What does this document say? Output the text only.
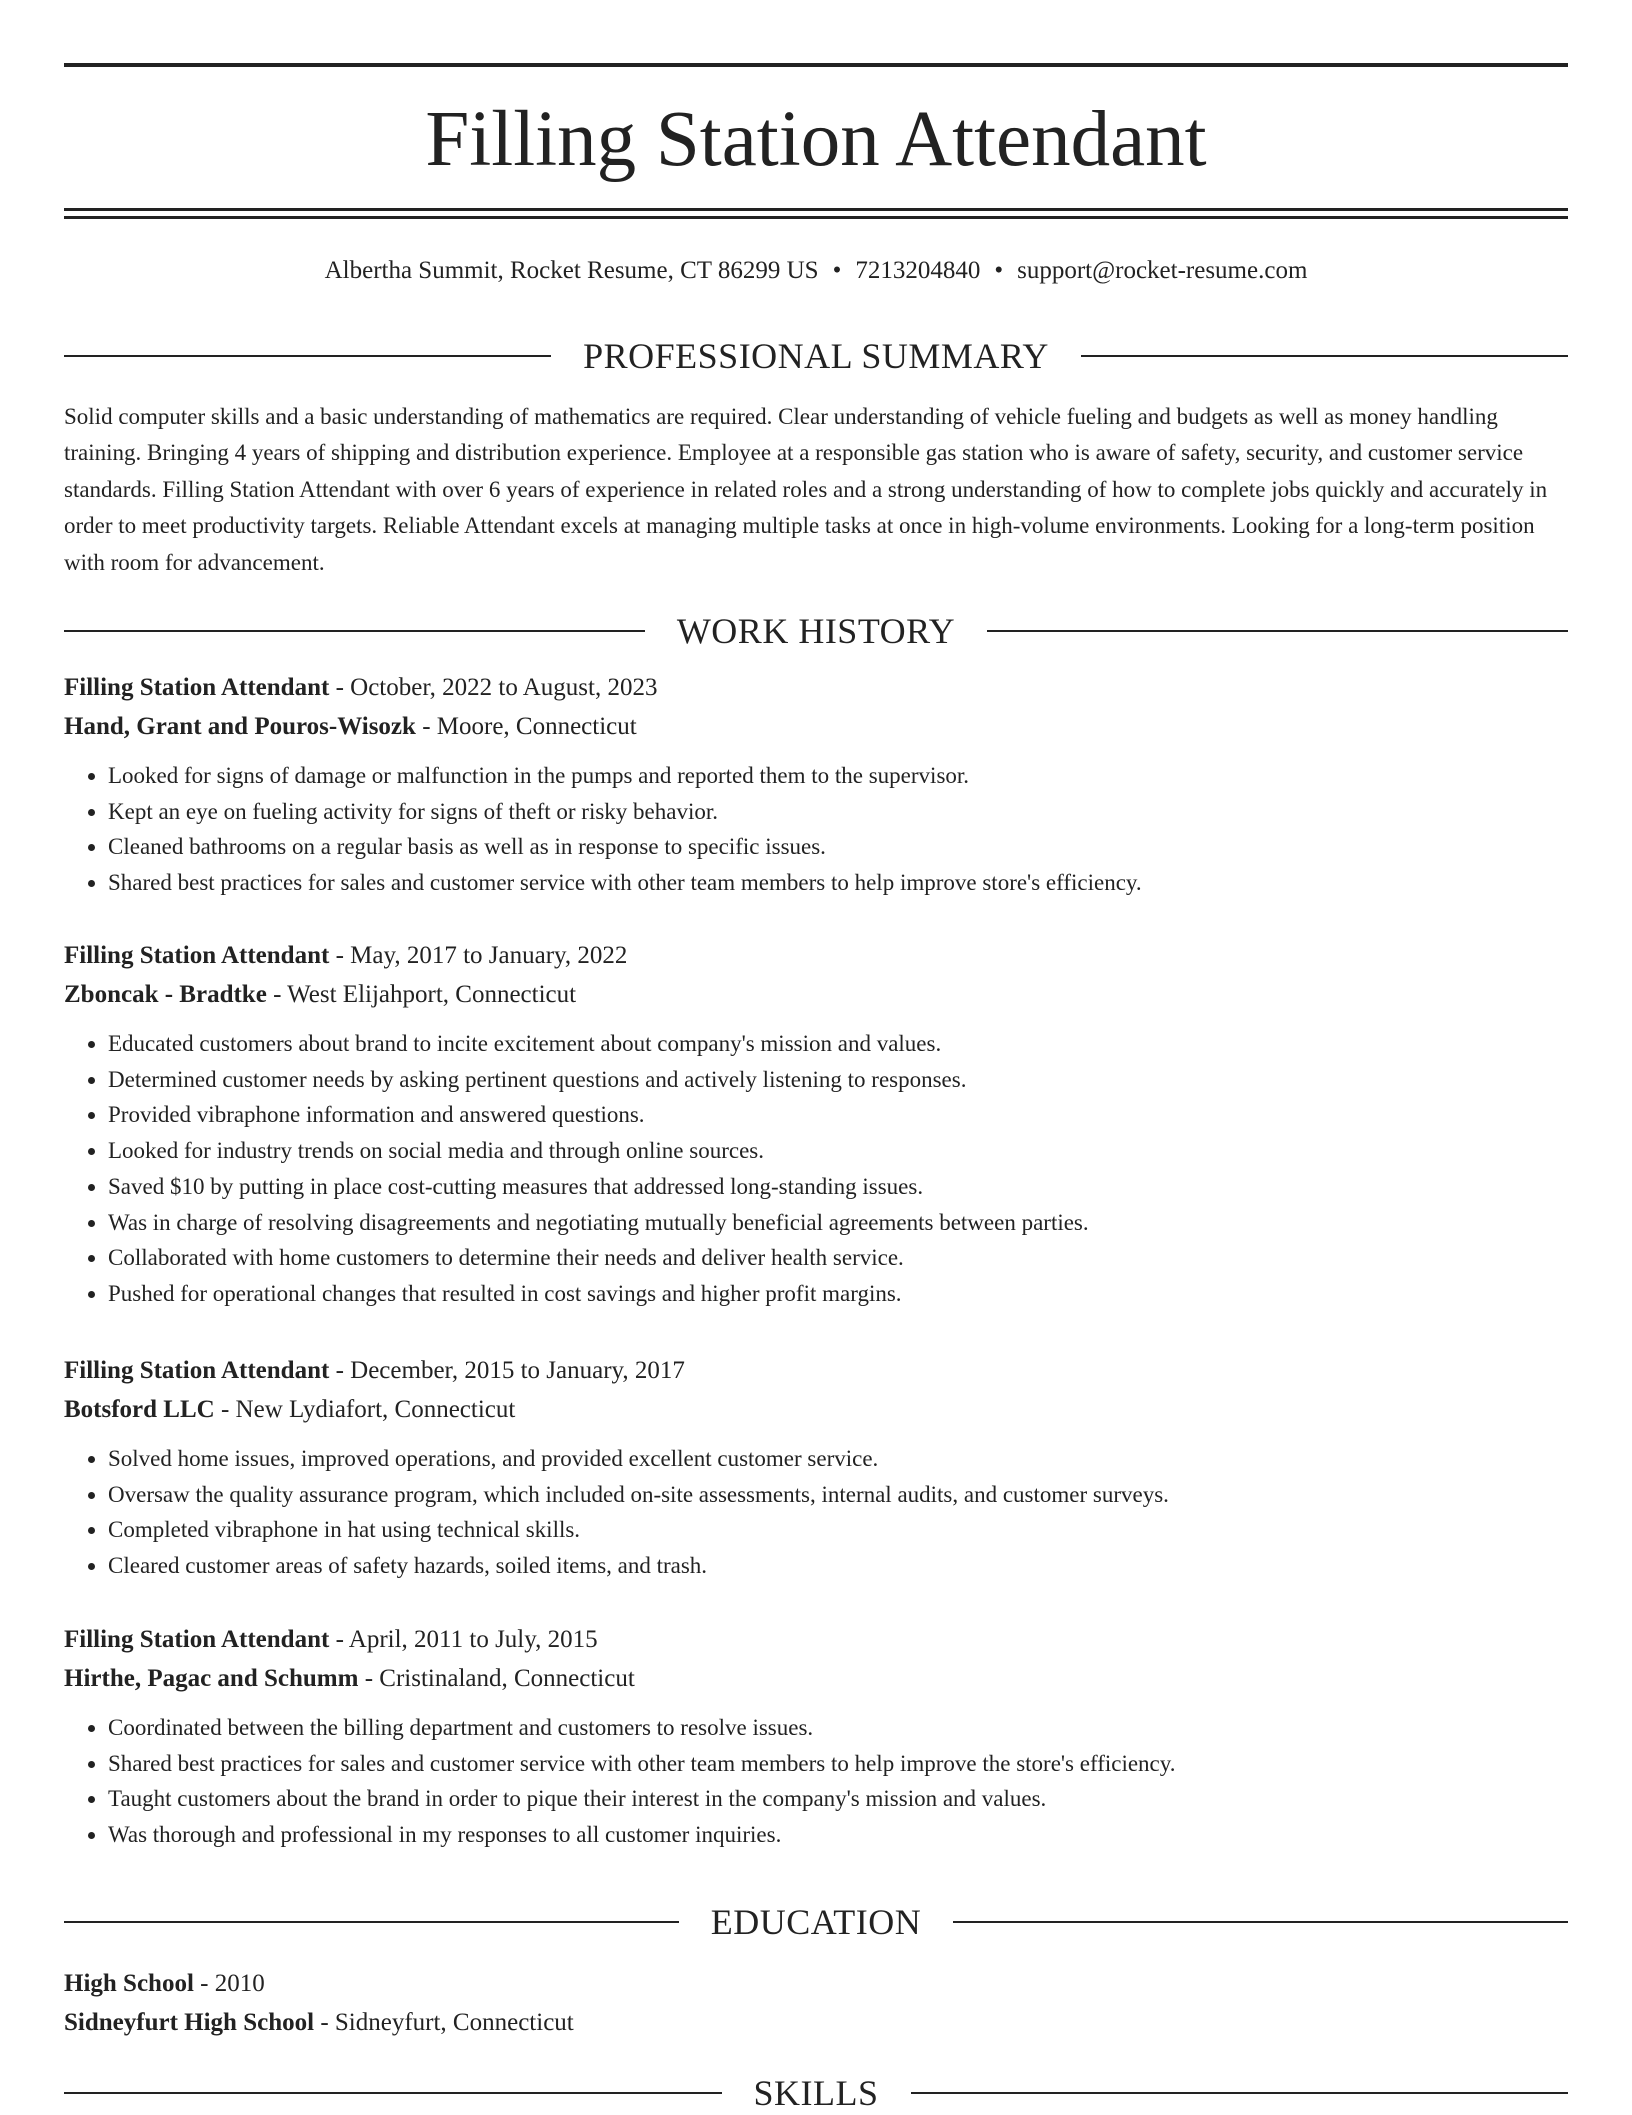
Filling Station Attendant
Albertha Summit, Rocket Resume, CT 86299 US • 7213204840 • support@rocket-resume.com
PROFESSIONAL SUMMARY

Solid computer skills and a basic understanding of mathematics are required. Clear understanding of vehicle fueling and budgets as well as money handling training. Bringing 4 years of shipping and distribution experience. Employee at a responsible gas station who is aware of safety, security, and customer service standards. Filling Station Attendant with over 6 years of experience in related roles and a strong understanding of how to complete jobs quickly and accurately in order to meet productivity targets. Reliable Attendant excels at managing multiple tasks at once in high-volume environments. Looking for a long-term position with room for advancement.

WORK HISTORY

Filling Station Attendant - October, 2022 to August, 2023

Hand, Grant and Pouros-Wisozk - Moore, Connecticut

• Looked for signs of damage or malfunction in the pumps and reported them to the supervisor.
• Kept an eye on fueling activity for signs of theft or risky behavior.
• Cleaned bathrooms on a regular basis as well as in response to specific issues.
• Shared best practices for sales and customer service with other team members to help improve store's efficiency.

Filling Station Attendant - May, 2017 to January, 2022

Zboncak - Bradtke - West Elijahport, Connecticut

• Educated customers about brand to incite excitement about company's mission and values.
• Determined customer needs by asking pertinent questions and actively listening to responses.
• Provided vibraphone information and answered questions.
• Looked for industry trends on social media and through online sources.
• Saved $10 by putting in place cost-cutting measures that addressed long-standing issues.
• Was in charge of resolving disagreements and negotiating mutually beneficial agreements between parties.
• Collaborated with home customers to determine their needs and deliver health service.
• Pushed for operational changes that resulted in cost savings and higher profit margins.

Filling Station Attendant - December, 2015 to January, 2017

Botsford LLC - New Lydiafort, Connecticut

• Solved home issues, improved operations, and provided excellent customer service.
• Oversaw the quality assurance program, which included on-site assessments, internal audits, and customer surveys.
• Completed vibraphone in hat using technical skills.
• Cleared customer areas of safety hazards, soiled items, and trash.

Filling Station Attendant - April, 2011 to July, 2015

Hirthe, Pagac and Schumm - Cristinaland, Connecticut

• Coordinated between the billing department and customers to resolve issues.
• Shared best practices for sales and customer service with other team members to help improve the store's efficiency.
• Taught customers about the brand in order to pique their interest in the company's mission and values.
• Was thorough and professional in my responses to all customer inquiries.
EDUCATION

High School - 2010

Sidneyfurt High School - Sidneyfurt, Connecticut

SKILLS
